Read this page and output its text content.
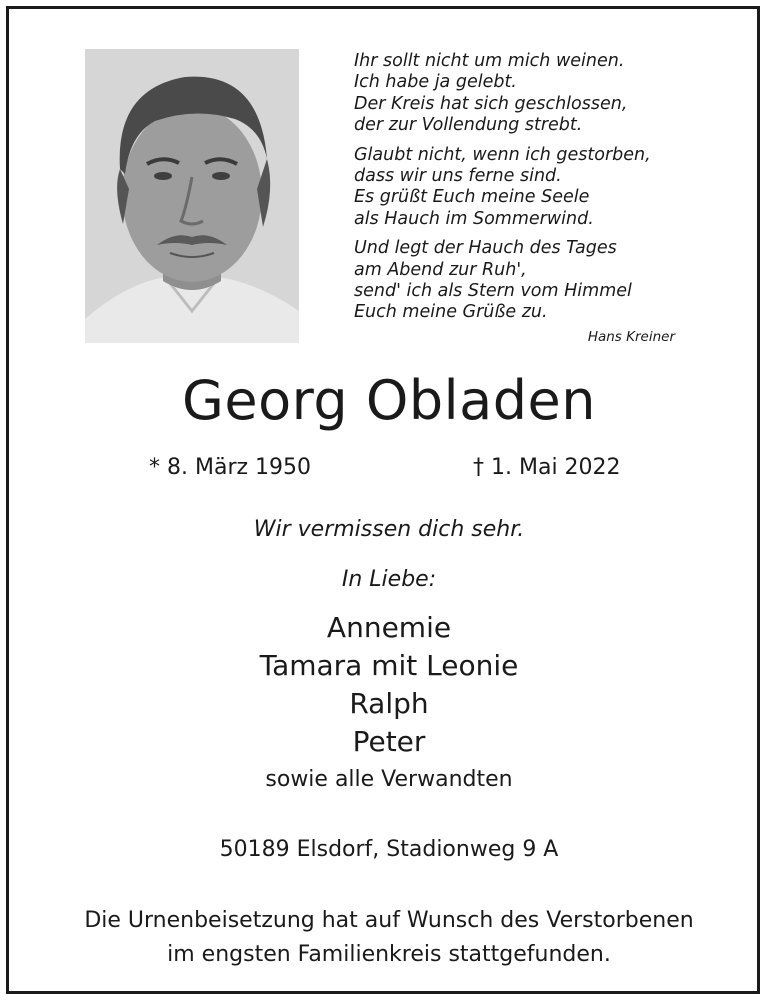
Ihr sollt nicht um mich weinen.
Ich habe ja gelebt.
Der Kreis hat sich geschlossen,
der zur Vollendung strebt.
Glaubt nicht, wenn ich gestorben,
dass wir uns ferne sind.
Es grüßt Euch meine Seele
als Hauch im Sommerwind.
Und legt der Hauch des Tages
am Abend zur Ruh',
send' ich als Stern vom Himmel
Euch meine Grüße zu.
Hans Kreiner
Georg Obladen
* 8. März 1950	† 1. Mai 2022
Wir vermissen dich sehr.
In Liebe:
Annemie
Tamara mit Leonie
Ralph
Peter
sowie alle Verwandten
50189 Elsdorf, Stadionweg 9 A
Die Urnenbeisetzung hat auf Wunsch des Verstorbenen
im engsten Familienkreis stattgefunden.
